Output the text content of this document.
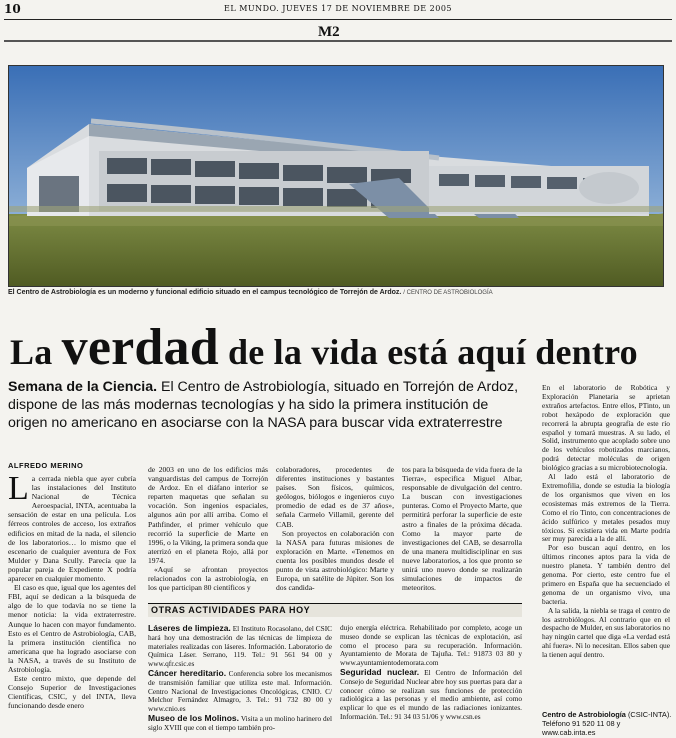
10	EL MUNDO. JUEVES 17 DE NOVIEMBRE DE 2005
M2
El Centro de Astrobiología es un moderno y funcional edificio situado en el campus tecnológico de Torrejón de Ardoz. / CENTRO DE ASTROBIOLOGÍA
La verdad de la vida está aquí dentro
Semana de la Ciencia. El Centro de Astrobiología, situado en Torrejón de Ardoz, dispone de las más modernas tecnologías y ha sido la primera institución de origen no americano en asociarse con la NASA para buscar vida extraterrestre
ALFREDO MERINO

La cerrada niebla que ayer cubría las instalaciones del Instituto Nacional de Técnica Aeroespacial, INTA, acentuaba la sensación de estar en una película. Los férreos controles de acceso, los extraños edificios en mitad de la nada, el silencio de los laboratorios… lo mismo que el escenario de cualquier aventura de Fox Mulder y Dana Scully. Parecía que la popular pareja de Expediente X podría aparecer en cualquier momento.

El caso es que, igual que los agentes del FBI, aquí se dedican a la búsqueda de algo de lo que todavía no se tiene la menor noticia: la vida extraterrestre. Aunque lo hacen con mayor fundamento. Esto es el Centro de Astrobiología, CAB, la primera institución científica no americana que ha logrado asociarse con la NASA, a través de su Instituto de Astrobiología.

Este centro mixto, que depende del Consejo Superior de Investigaciones Científicas, CSIC, y del INTA, lleva funcionando desde enero

de 2003 en uno de los edificios más vanguardistas del campus de Torrejón de Ardoz. En el diáfano interior se reparten maquetas que señalan su vocación. Son ingenios espaciales, algunos aún por allí arriba. Como el Pathfinder, el primer vehículo que recorrió la superficie de Marte en 1996, o la Viking, la primera sonda que aterrizó en el planeta Rojo, allá por 1974.

«Aquí se afrontan proyectos relacionados con la astrobiología, en los que participan 80 científicos y

colaboradores, procedentes de diferentes instituciones y bastantes países. Son físicos, químicos, geólogos, biólogos e ingenieros cuyo promedio de edad es de 37 años», señala Carmelo Villamil, gerente del CAB.

Son proyectos en colaboración con la NASA para futuras misiones de exploración en Marte. «Tenemos en cuenta los posibles mundos desde el punto de vista astrobiológico: Marte y Europa, un satélite de Júpiter. Son los dos candida-

tos para la búsqueda de vida fuera de la Tierra», especifica Miguel Albar, responsable de divulgación del centro. La buscan con investigaciones punteras. Como el Proyecto Marte, que permitirá perforar la superficie de este astro a finales de la próxima década. Como la mayor parte de investigaciones del CAB, se desarrolla de una manera multidisciplinar en sus nueve laboratorios, a los que pronto se unirá uno nuevo donde se realizarán simulaciones de impactos de meteoritos.

En el laboratorio de Robótica y Exploración Planetaria se aprietan extraños artefactos. Entre ellos, PTinto, un robot hexápodo de exploración que recorrerá la abrupta geografía de este río español y tomará muestras. A su lado, el Solid, instrumento que acoplado sobre uno de los vehículos robotizados marcianos, podrá detectar moléculas de origen biológico gracias a su microbiotecnología.

Al lado está el laboratorio de Extremofilia, donde se estudia la biología de los organismos que viven en los ecosistemas más extremos de la Tierra. Como el río Tinto, con concentraciones de ácido sulfúrico y metales pesados muy tóxicos. Si existiera vida en Marte podría ser muy parecida a la de allí.

Por eso buscan aquí dentro, en los últimos rincones aptos para la vida de nuestro planeta. Y también dentro del genoma. Por cierto, este centro fue el primero en España que ha secuenciado el genoma de un organismo vivo, una bacteria.

A la salida, la niebla se traga el centro de los astrobiólogos. Al contrario que en el despacho de Mulder, en sus laboratorios no hay ningún cartel que diga «La verdad está ahí fuera». Ni lo necesitan. Ellos saben que la tienen aquí dentro.

OTRAS ACTIVIDADES PARA HOY

Láseres de limpieza. El Instituto Rocasolano, del CSIC hará hoy una demostración de las técnicas de limpieza de materiales realizadas con láseres. Información. Laboratorio de Química Láser. Serrano, 119. Tel.: 91 561 94 00 y www.qfr.csic.es

Cáncer hereditario. Conferencia sobre los mecanismos de transmisión familiar que utiliza este mal. Información. Centro Nacional de Investigaciones Oncológicas, CNIO. C/ Melchor Fernández Almagro, 3. Tel.: 91 732 80 00 y www.cnio.es

Museo de los Molinos. Visita a un molino harinero del siglo XVIII que con el tiempo también pro-

dujo energía eléctrica. Rehabilitado por completo, acoge un museo donde se explican las técnicas de explotación, así como el proceso para su recuperación. Información. Ayuntamiento de Morata de Tajuña. Tel.: 91873 03 80 y www.ayuntamientodemorata.com

Seguridad nuclear. El Centro de Información del Consejo de Seguridad Nuclear abre hoy sus puertas para dar a conocer cómo se realizan sus funciones de protección radiológica a las personas y el medio ambiente, así como explicar lo que es el mundo de las radiaciones ionizantes. Información. Tel.: 91 34 03 51/06 y www.csn.es	Centro de Astrobiología (CSIC-INTA). Teléfono 91 520 11 08 y www.cab.inta.es
